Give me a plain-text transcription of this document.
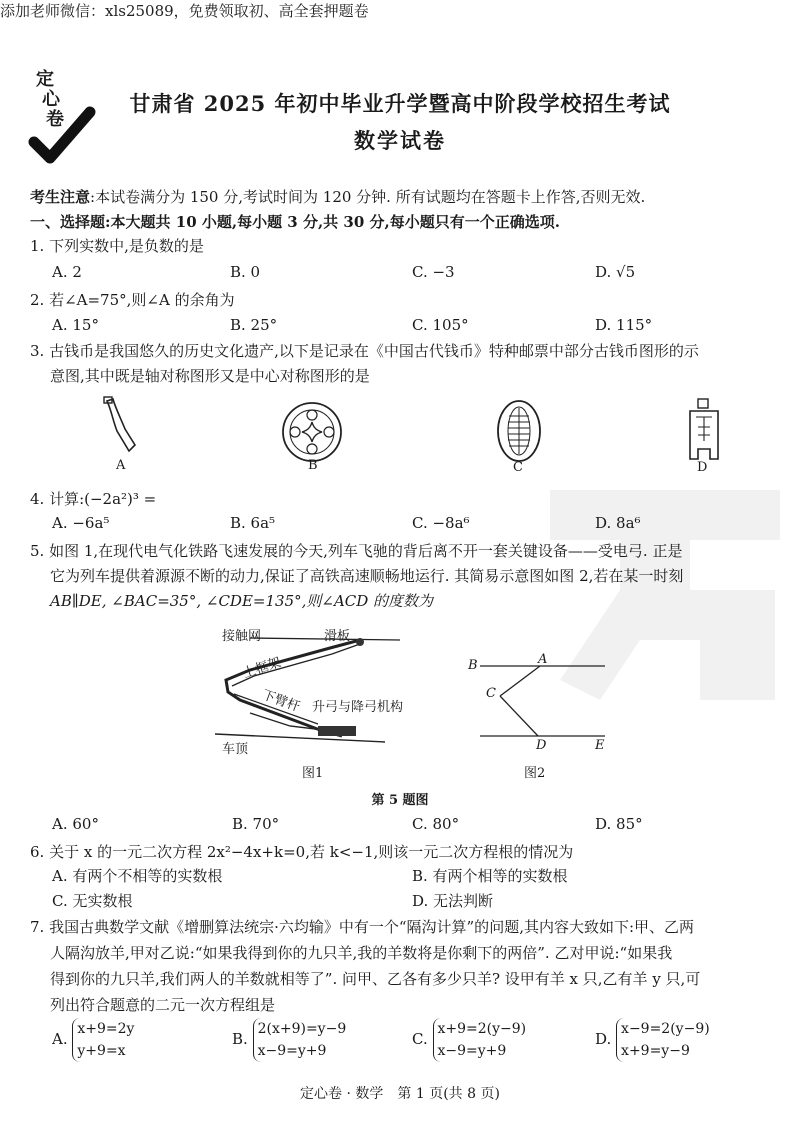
添加老师微信：xls25089，免费领取初、高全套押题卷
定
心
卷
甘肃省 2025 年初中毕业升学暨高中阶段学校招生考试
数学试卷
考生注意:本试卷满分为 150 分,考试时间为 120 分钟. 所有试题均在答题卡上作答,否则无效.
一、选择题:本大题共 10 小题,每小题 3 分,共 30 分,每小题只有一个正确选项.
1. 下列实数中,是负数的是
A. 2	B. 0	C. −3	D. √5
2. 若∠A=75°,则∠A 的余角为
A. 15°	B. 25°	C. 105°	D. 115°
3. 古钱币是我国悠久的历史文化遗产,以下是记录在《中国古代钱币》特种邮票中部分古钱币图形的示
意图,其中既是轴对称图形又是中心对称图形的是
A	B	C	D
4. 计算:(−2a²)³ =
A. −6a⁵	B. 6a⁵	C. −8a⁶	D. 8a⁶
5. 如图 1,在现代电气化铁路飞速发展的今天,列车飞驰的背后离不开一套关键设备——受电弓. 正是
它为列车提供着源源不断的动力,保证了高铁高速顺畅地运行. 其简易示意图如图 2,若在某一时刻
AB∥DE, ∠BAC=35°, ∠CDE=135°,则∠ACD 的度数为
接触网	滑板
上框架
下臂杆 升弓与降弓机构
车顶
图1
B	A
C
D	E
图2
第 5 题图
A. 60°	B. 70°	C. 80°	D. 85°
6. 关于 x 的一元二次方程 2x²−4x+k=0,若 k<−1,则该一元二次方程根的情况为
A. 有两个不相等的实数根	B. 有两个相等的实数根
C. 无实数根	D. 无法判断
7. 我国古典数学文献《增删算法统宗·六均输》中有一个“隔沟计算”的问题,其内容大致如下:甲、乙两
人隔沟放羊,甲对乙说:“如果我得到你的九只羊,我的羊数将是你剩下的两倍”. 乙对甲说:“如果我
得到你的九只羊,我们两人的羊数就相等了”. 问甲、乙各有多少只羊? 设甲有羊 x 只,乙有羊 y 只,可
列出符合题意的二元一次方程组是
A. x+9=2y
y+9=x
B. 2(x+9)=y−9
x−9=y+9
C. x+9=2(y−9)
x−9=y+9
D. x−9=2(y−9)
x+9=y−9
定心卷 · 数学　第 1 页(共 8 页)
